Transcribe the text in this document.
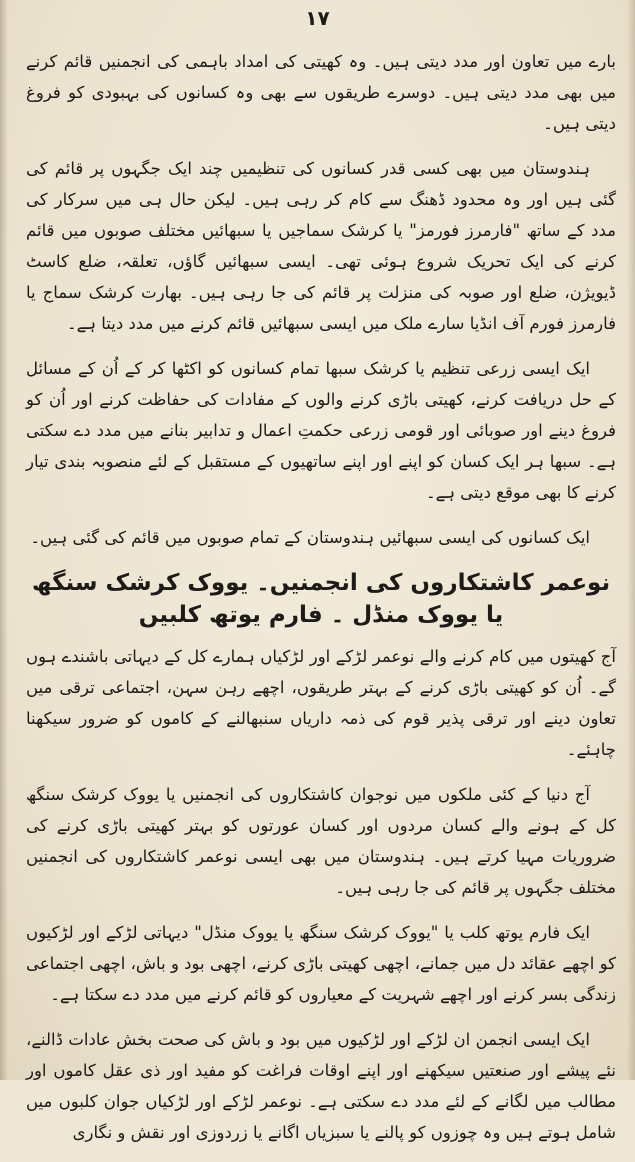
۱۷

بارے میں تعاون اور مدد دیتی ہیں۔ وہ کھیتی کی امداد باہمی کی انجمنیں قائم کرنے میں بھی مدد دیتی ہیں۔ دوسرے طریقوں سے بھی وہ کسانوں کی بہبودی کو فروغ دیتی ہیں۔

ہندوستان میں بھی کسی قدر کسانوں کی تنظیمیں چند ایک جگہوں پر قائم کی گئی ہیں اور وہ محدود ڈھنگ سے کام کر رہی ہیں۔ لیکن حال ہی میں سرکار کی مدد کے ساتھ "فارمرز فورمز" یا کرشک سماجیں یا سبھائیں مختلف صوبوں میں قائم کرنے کی ایک تحریک شروع ہوئی تھی۔ ایسی سبھائیں گاؤں، تعلقہ، ضلع کاسٹ ڈیویژن، ضلع اور صوبہ کی منزلت پر قائم کی جا رہی ہیں۔ بھارت کرشک سماج یا فارمرز فورم آف انڈیا سارے ملک میں ایسی سبھائیں قائم کرنے میں مدد دیتا ہے۔

ایک ایسی زرعی تنظیم یا کرشک سبھا تمام کسانوں کو اکٹھا کر کے اُن کے مسائل کے حل دریافت کرنے، کھیتی باڑی کرنے والوں کے مفادات کی حفاظت کرنے اور اُن کو فروغ دینے اور صوبائی اور قومی زرعی حکمتِ اعمال و تدابیر بنانے میں مدد دے سکتی ہے۔ سبھا ہر ایک کسان کو اپنے اور اپنے ساتھیوں کے مستقبل کے لئے منصوبہ بندی تیار کرنے کا بھی موقع دیتی ہے۔

ایک کسانوں کی ایسی سبھائیں ہندوستان کے تمام صوبوں میں قائم کی گئی ہیں۔

نوعمر کاشتکاروں کی انجمنیں۔ یووک کرشک سنگھ یا یووک منڈل ۔ فارم یوتھ کلبیں

آج کھیتوں میں کام کرنے والے نوعمر لڑکے اور لڑکیاں ہمارے کل کے دیہاتی باشندے ہوں گے۔ اُن کو کھیتی باڑی کرنے کے بہتر طریقوں، اچھے رہن سہن، اجتماعی ترقی میں تعاون دینے اور ترقی پذیر قوم کی ذمہ داریاں سنبھالنے کے کاموں کو ضرور سیکھنا چاہئے۔

آج دنیا کے کئی ملکوں میں نوجوان کاشتکاروں کی انجمنیں یا یووک کرشک سنگھ کل کے ہونے والے کسان مردوں اور کسان عورتوں کو بہتر کھیتی باڑی کرنے کی ضروریات مہیا کرتے ہیں۔ ہندوستان میں بھی ایسی نوعمر کاشتکاروں کی انجمنیں مختلف جگہوں پر قائم کی جا رہی ہیں۔

ایک فارم یوتھ کلب یا "یووک کرشک سنگھ یا یووک منڈل" دیہاتی لڑکے اور لڑکیوں کو اچھے عقائد دل میں جمانے، اچھی کھیتی باڑی کرنے، اچھی بود و باش، اچھی اجتماعی زندگی بسر کرنے اور اچھے شہریت کے معیاروں کو قائم کرنے میں مدد دے سکتا ہے۔

ایک ایسی انجمن ان لڑکے اور لڑکیوں میں بود و باش کی صحت بخش عادات ڈالنے، نئے پیشے اور صنعتیں سیکھنے اور اپنے اوقات فراغت کو مفید اور ذی عقل کاموں اور مطالب میں لگانے کے لئے مدد دے سکتی ہے۔ نوعمر لڑکے اور لڑکیاں جوان کلبوں میں شامل ہوتے ہیں وہ چوزوں کو پالنے یا سبزیاں اگانے یا زردوزی اور نقش و نگاری
